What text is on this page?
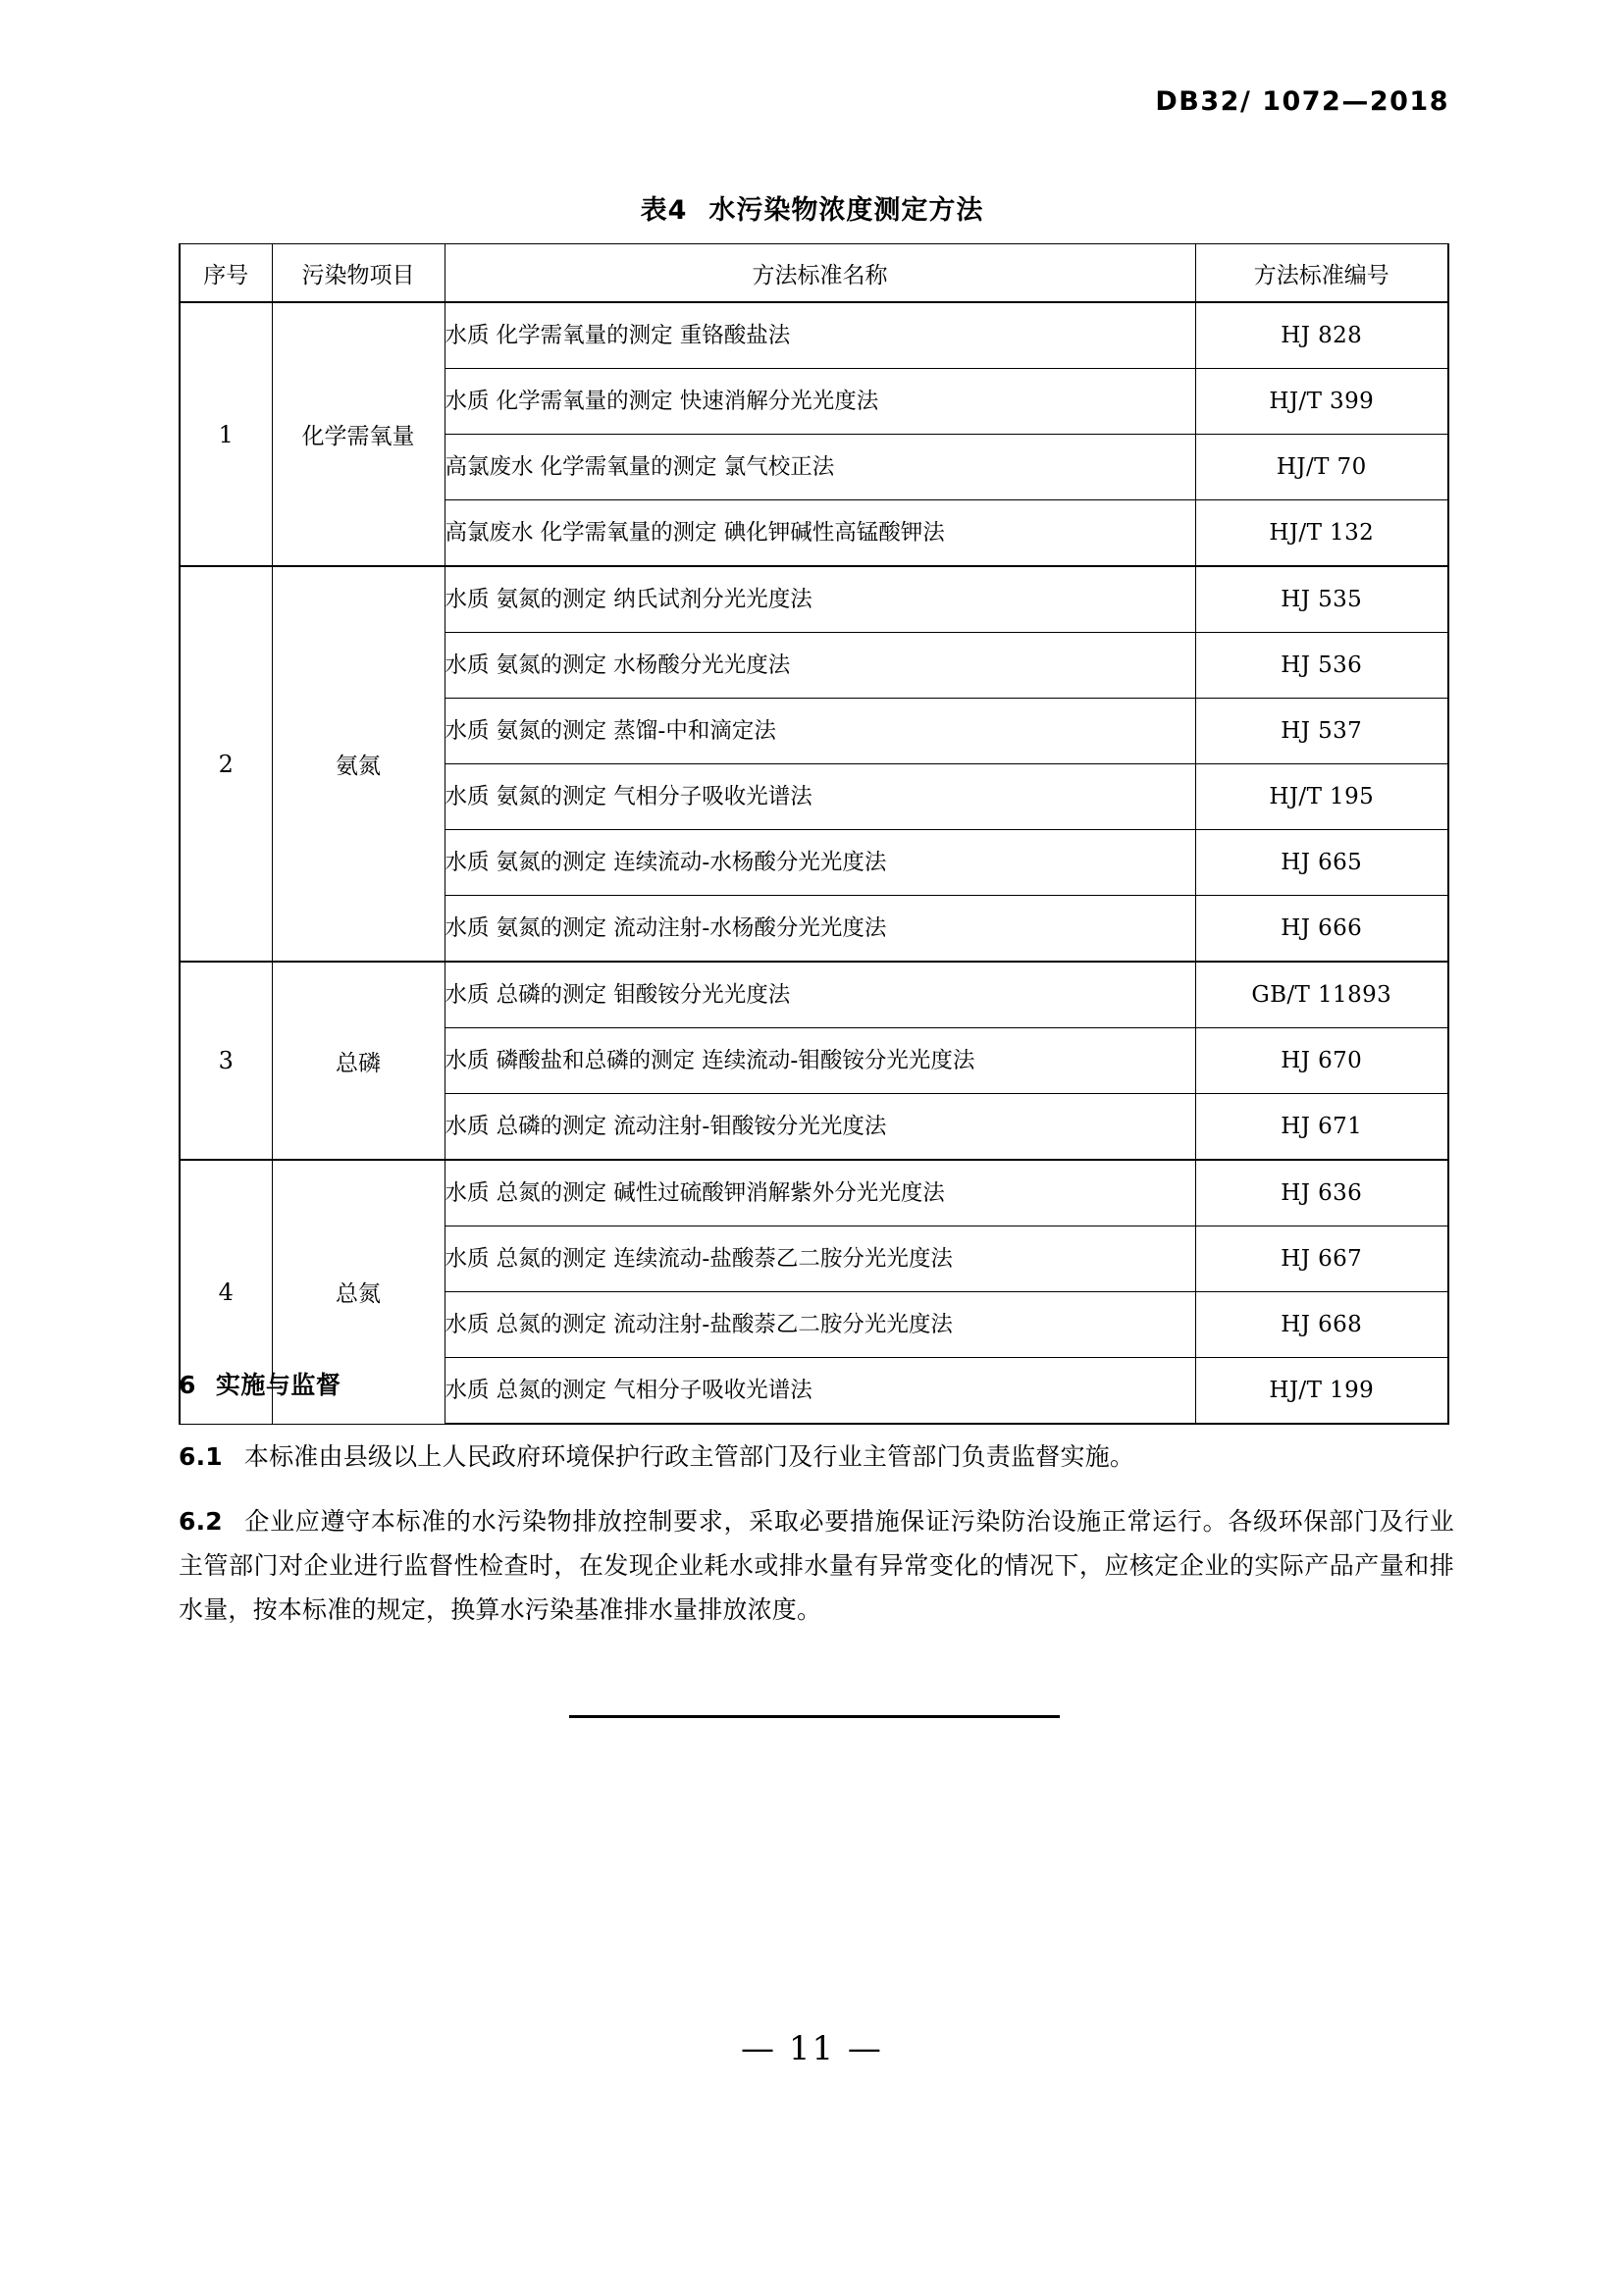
DB32/ 1072—2018
表4 水污染物浓度测定方法
序号	污染物项目	方法标准名称	方法标准编号
1	化学需氧量	水质 化学需氧量的测定 重铬酸盐法	HJ 828
		水质 化学需氧量的测定 快速消解分光光度法	HJ/T 399
		高氯废水 化学需氧量的测定 氯气校正法	HJ/T 70
		高氯废水 化学需氧量的测定 碘化钾碱性高锰酸钾法	HJ/T 132
2	氨氮	水质 氨氮的测定 纳氏试剂分光光度法	HJ 535
		水质 氨氮的测定 水杨酸分光光度法	HJ 536
		水质 氨氮的测定 蒸馏-中和滴定法	HJ 537
		水质 氨氮的测定 气相分子吸收光谱法	HJ/T 195
		水质 氨氮的测定 连续流动-水杨酸分光光度法	HJ 665
		水质 氨氮的测定 流动注射-水杨酸分光光度法	HJ 666
3	总磷	水质 总磷的测定 钼酸铵分光光度法	GB/T 11893
		水质 磷酸盐和总磷的测定 连续流动-钼酸铵分光光度法	HJ 670
		水质 总磷的测定 流动注射-钼酸铵分光光度法	HJ 671
4	总氮	水质 总氮的测定 碱性过硫酸钾消解紫外分光光度法	HJ 636
		水质 总氮的测定 连续流动-盐酸萘乙二胺分光光度法	HJ 667
		水质 总氮的测定 流动注射-盐酸萘乙二胺分光光度法	HJ 668
		水质 总氮的测定 气相分子吸收光谱法	HJ/T 199
6 实施与监督
6.1 本标准由县级以上人民政府环境保护行政主管部门及行业主管部门负责监督实施。
6.2 企业应遵守本标准的水污染物排放控制要求，采取必要措施保证污染防治设施正常运行。各级环保部门及行业主管部门对企业进行监督性检查时，在发现企业耗水或排水量有异常变化的情况下，应核定企业的实际产品产量和排水量，按本标准的规定，换算水污染基准排水量排放浓度。
— 11 —
